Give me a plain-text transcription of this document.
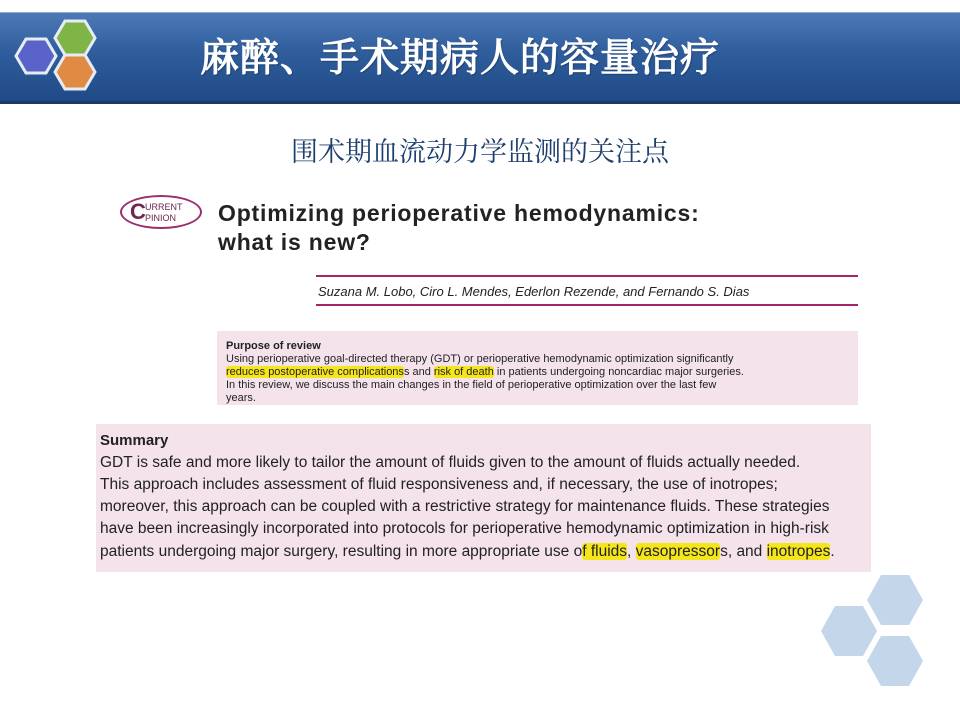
麻醉、手术期病人的容量治疗
围术期血流动力学监测的关注点
C URRENT
PINION Optimizing perioperative hemodynamics:
what is new?
Suzana M. Lobo, Ciro L. Mendes, Ederlon Rezende, and Fernando S. Dias
Purpose of review
Using perioperative goal-directed therapy (GDT) or perioperative hemodynamic optimization significantly
reduces postoperative complicationss and risk of death in patients undergoing noncardiac major surgeries.
In this review, we discuss the main changes in the field of perioperative optimization over the last few
years.
Summary
GDT is safe and more likely to tailor the amount of fluids given to the amount of fluids actually needed.
This approach includes assessment of fluid responsiveness and, if necessary, the use of inotropes;
moreover, this approach can be coupled with a restrictive strategy for maintenance fluids. These strategies
have been increasingly incorporated into protocols for perioperative hemodynamic optimization in high-risk
patients undergoing major surgery, resulting in more appropriate use of fluids, vasopressors, and inotropes.
